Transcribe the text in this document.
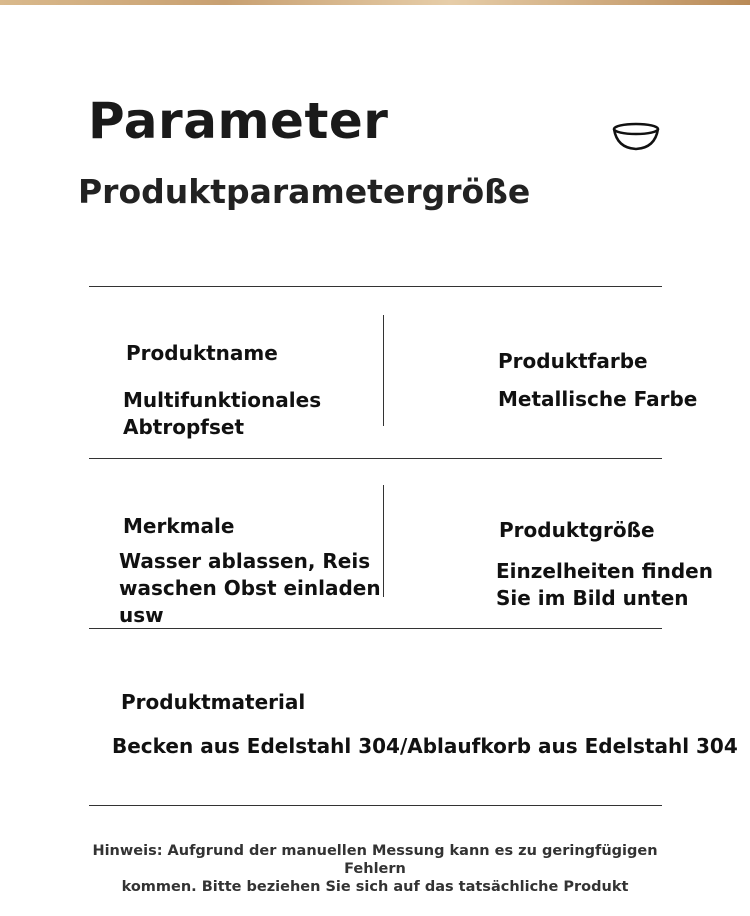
Parameter
Produktparametergröße
Produktname
Multifunktionales
Abtropfset
Produktfarbe
Metallische Farbe
Merkmale
Wasser ablassen, Reis
waschen Obst einladen
usw
Produktgröße
Einzelheiten finden
Sie im Bild unten
Produktmaterial
Becken aus Edelstahl 304/Ablaufkorb aus Edelstahl 304
Hinweis: Aufgrund der manuellen Messung kann es zu geringfügigen Fehlern
kommen. Bitte beziehen Sie sich auf das tatsächliche Produkt
